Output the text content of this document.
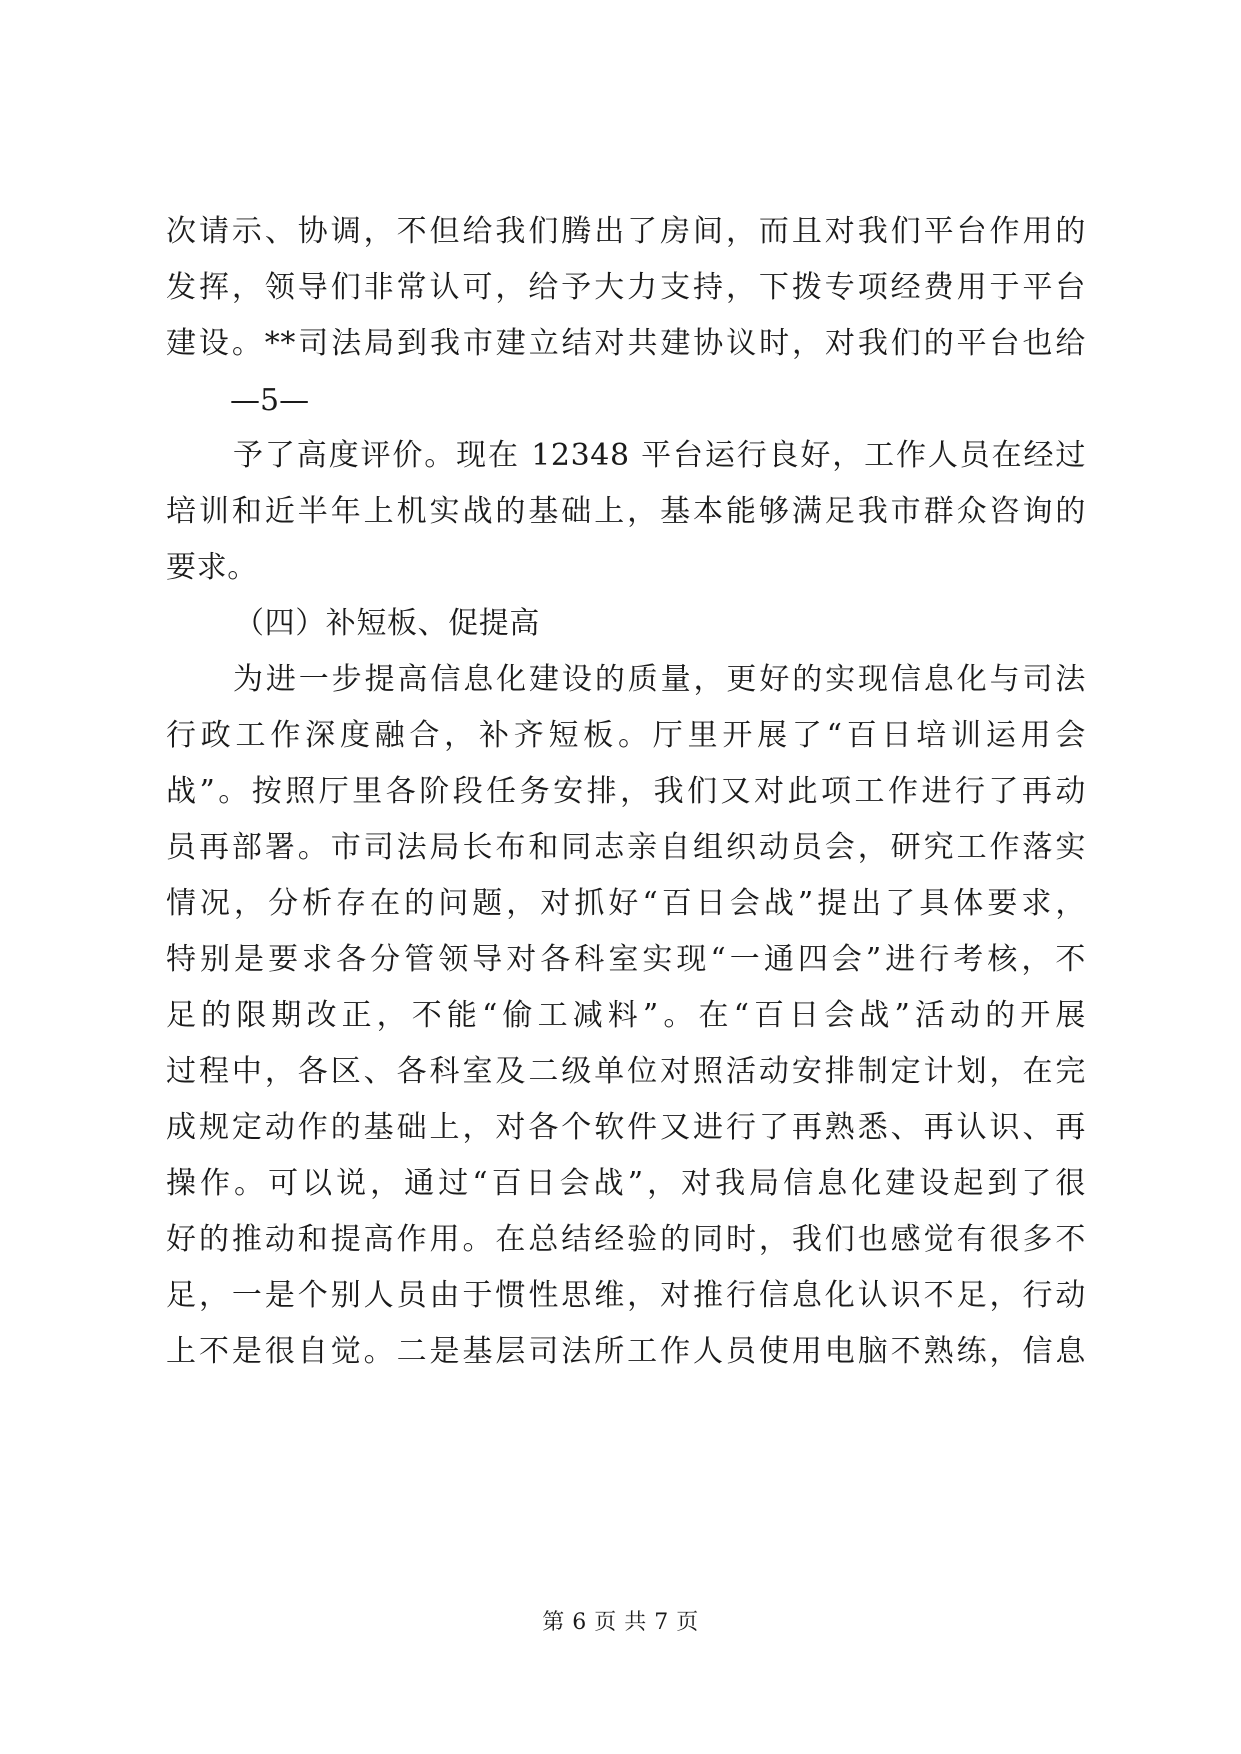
次请示、协调，不但给我们腾出了房间，而且对我们平台作用的
发挥，领导们非常认可，给予大力支持，下拨专项经费用于平台
建设。**司法局到我市建立结对共建协议时，对我们的平台也给
—5—
予了高度评价。现在 12348 平台运行良好，工作人员在经过
培训和近半年上机实战的基础上，基本能够满足我市群众咨询的
要求。
（四）补短板、促提高
为进一步提高信息化建设的质量，更好的实现信息化与司法
行政工作深度融合，补齐短板。厅里开展了“百日培训运用会
战”。按照厅里各阶段任务安排，我们又对此项工作进行了再动
员再部署。市司法局长布和同志亲自组织动员会，研究工作落实
情况，分析存在的问题，对抓好“百日会战”提出了具体要求，
特别是要求各分管领导对各科室实现“一通四会”进行考核，不
足的限期改正，不能“偷工减料”。在“百日会战”活动的开展
过程中，各区、各科室及二级单位对照活动安排制定计划，在完
成规定动作的基础上，对各个软件又进行了再熟悉、再认识、再
操作。可以说，通过“百日会战”，对我局信息化建设起到了很
好的推动和提高作用。在总结经验的同时，我们也感觉有很多不
足，一是个别人员由于惯性思维，对推行信息化认识不足，行动
上不是很自觉。二是基层司法所工作人员使用电脑不熟练，信息
第 6 页 共 7 页
